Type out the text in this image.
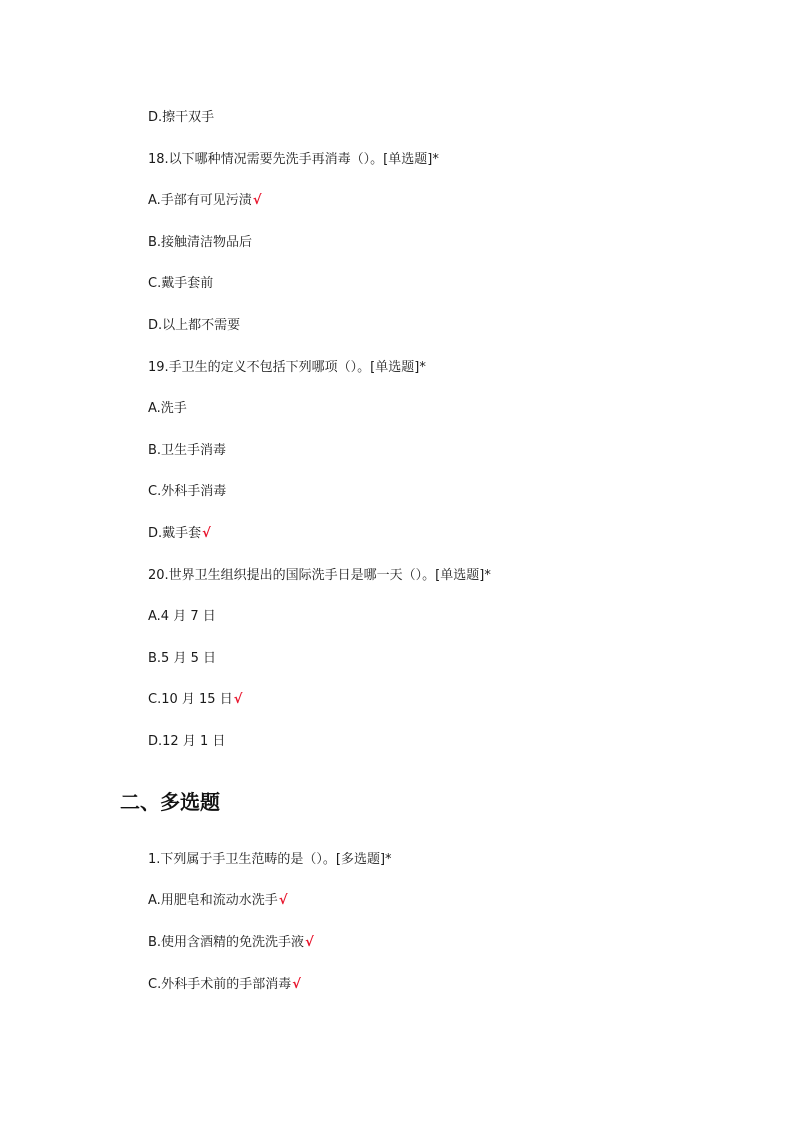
D.擦干双手
18.以下哪种情况需要先洗手再消毒（）。[单选题]*
A.手部有可见污渍√
B.接触清洁物品后
C.戴手套前
D.以上都不需要
19.手卫生的定义不包括下列哪项（）。[单选题]*
A.洗手
B.卫生手消毒
C.外科手消毒
D.戴手套√
20.世界卫生组织提出的国际洗手日是哪一天（）。[单选题]*
A.4 月 7 日
B.5 月 5 日
C.10 月 15 日√
D.12 月 1 日
二、多选题
1.下列属于手卫生范畴的是（）。[多选题]*
A.用肥皂和流动水洗手√
B.使用含酒精的免洗洗手液√
C.外科手术前的手部消毒√
